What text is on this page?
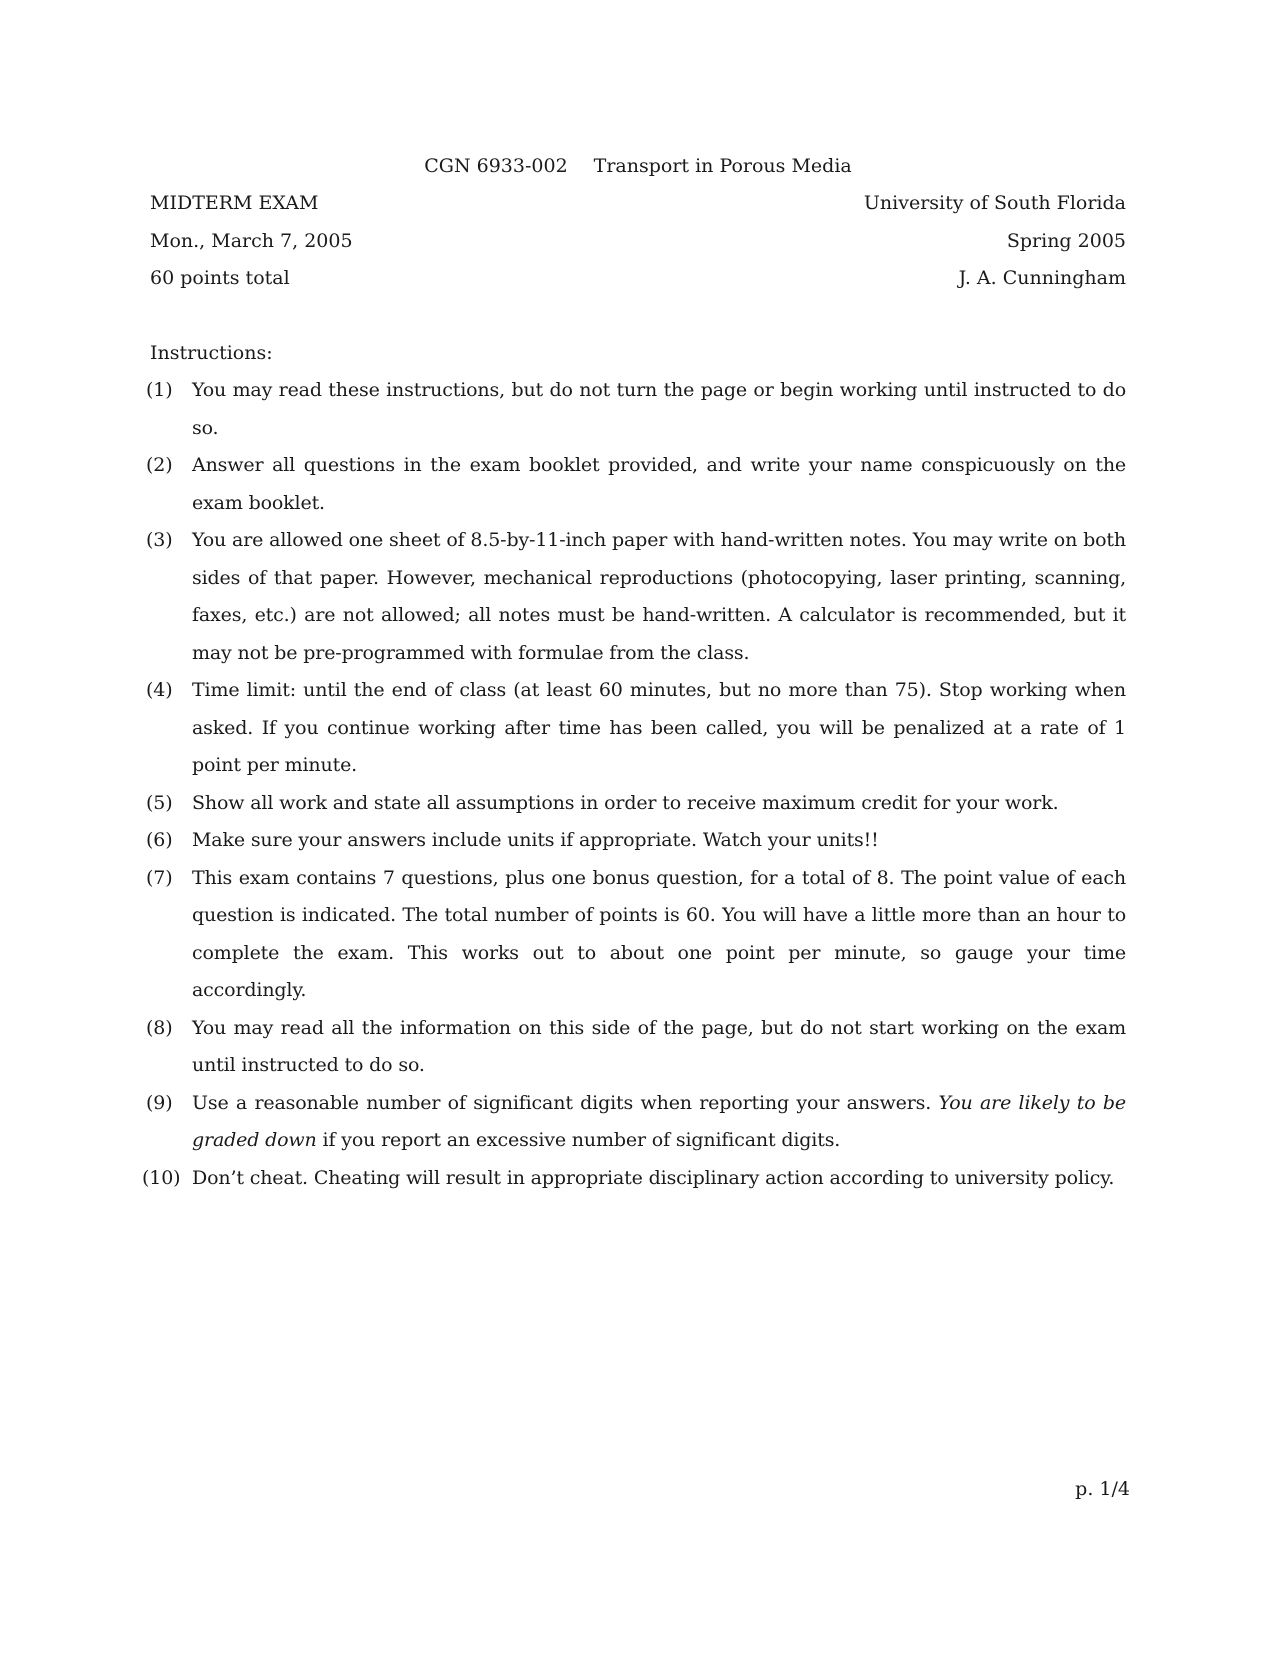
CGN 6933-002 Transport in Porous Media
MIDTERM EXAM	University of South Florida
Mon., March 7, 2005	Spring 2005
60 points total	J. A. Cunningham
Instructions:
(1)	You may read these instructions, but do not turn the page or begin working until instructed to do so.
(2)	Answer all questions in the exam booklet provided, and write your name conspicuously on the exam booklet.
(3)	You are allowed one sheet of 8.5-by-11-inch paper with hand-written notes. You may write on both sides of that paper. However, mechanical reproductions (photocopying, laser printing, scanning, faxes, etc.) are not allowed; all notes must be hand-written. A calculator is recommended, but it may not be pre-programmed with formulae from the class.
(4)	Time limit: until the end of class (at least 60 minutes, but no more than 75). Stop working when asked. If you continue working after time has been called, you will be penalized at a rate of 1 point per minute.
(5)	Show all work and state all assumptions in order to receive maximum credit for your work.
(6)	Make sure your answers include units if appropriate. Watch your units!!
(7)	This exam contains 7 questions, plus one bonus question, for a total of 8. The point value of each question is indicated. The total number of points is 60. You will have a little more than an hour to complete the exam. This works out to about one point per minute, so gauge your time accordingly.
(8)	You may read all the information on this side of the page, but do not start working on the exam until instructed to do so.
(9)	Use a reasonable number of significant digits when reporting your answers. You are likely to be graded down if you report an excessive number of significant digits.
(10) Don’t cheat. Cheating will result in appropriate disciplinary action according to university policy.
p. 1/4
